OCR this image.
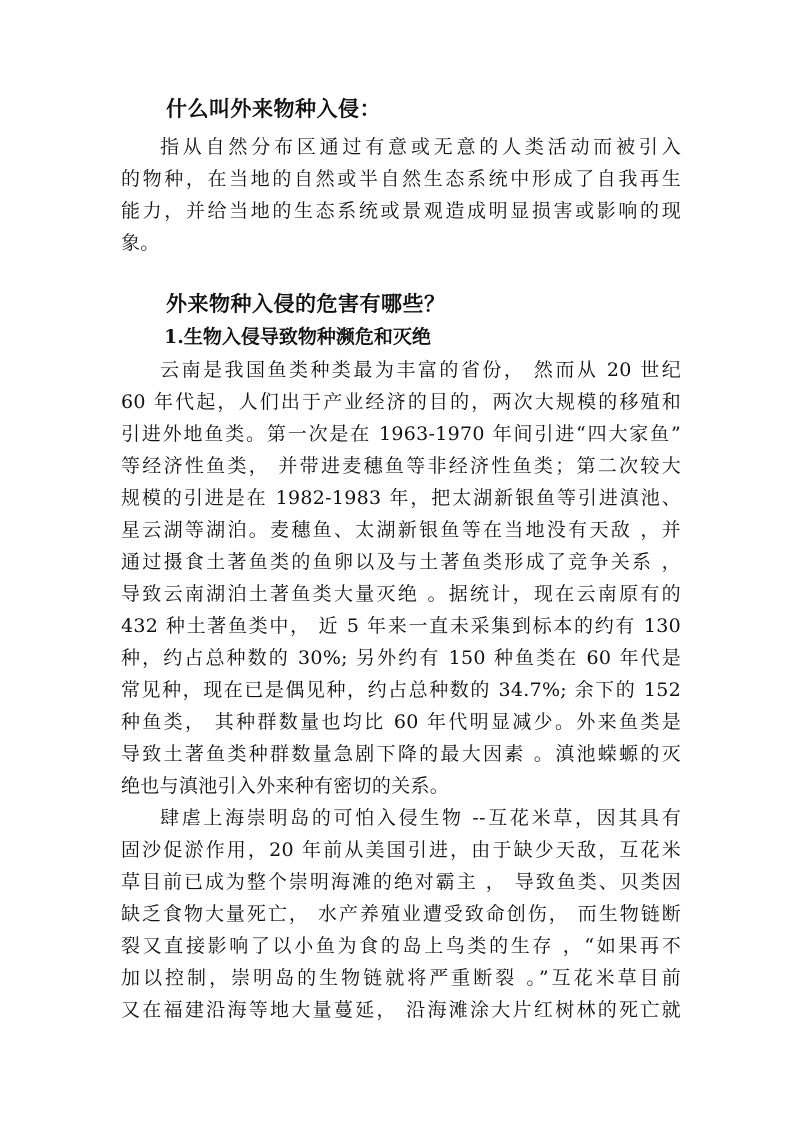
什么叫外来物种入侵：
指从自然分布区通过有意或无意的人类活动而被引入
的物种，在当地的自然或半自然生态系统中形成了自我再生
能力，并给当地的生态系统或景观造成明显损害或影响的现
象。
外来物种入侵的危害有哪些？
1.生物入侵导致物种濒危和灭绝
云南是我国鱼类种类最为丰富的省份， 然而从 20 世纪
60 年代起，人们出于产业经济的目的，两次大规模的移殖和
引进外地鱼类。第一次是在 1963-1970 年间引进“四大家鱼”
等经济性鱼类， 并带进麦穗鱼等非经济性鱼类；第二次较大
规模的引进是在 1982-1983 年，把太湖新银鱼等引进滇池、
星云湖等湖泊。麦穗鱼、太湖新银鱼等在当地没有天敌 ，并
通过摄食土著鱼类的鱼卵以及与土著鱼类形成了竞争关系 ，
导致云南湖泊土著鱼类大量灭绝 。据统计，现在云南原有的
432 种土著鱼类中， 近 5 年来一直未采集到标本的约有 130
种，约占总种数的 30%; 另外约有 150 种鱼类在 60 年代是
常见种，现在已是偶见种，约占总种数的 34.7%; 余下的 152
种鱼类， 其种群数量也均比 60 年代明显减少。外来鱼类是
导致土著鱼类种群数量急剧下降的最大因素 。滇池蝾螈的灭
绝也与滇池引入外来种有密切的关系。
肆虐上海崇明岛的可怕入侵生物 --互花米草，因其具有
固沙促淤作用，20 年前从美国引进，由于缺少天敌，互花米
草目前已成为整个崇明海滩的绝对霸主 ， 导致鱼类、贝类因
缺乏食物大量死亡， 水产养殖业遭受致命创伤， 而生物链断
裂又直接影响了以小鱼为食的岛上鸟类的生存 ，“如果再不
加以控制，崇明岛的生物链就将严重断裂 。”互花米草目前
又在福建沿海等地大量蔓延， 沿海滩涂大片红树林的死亡就
